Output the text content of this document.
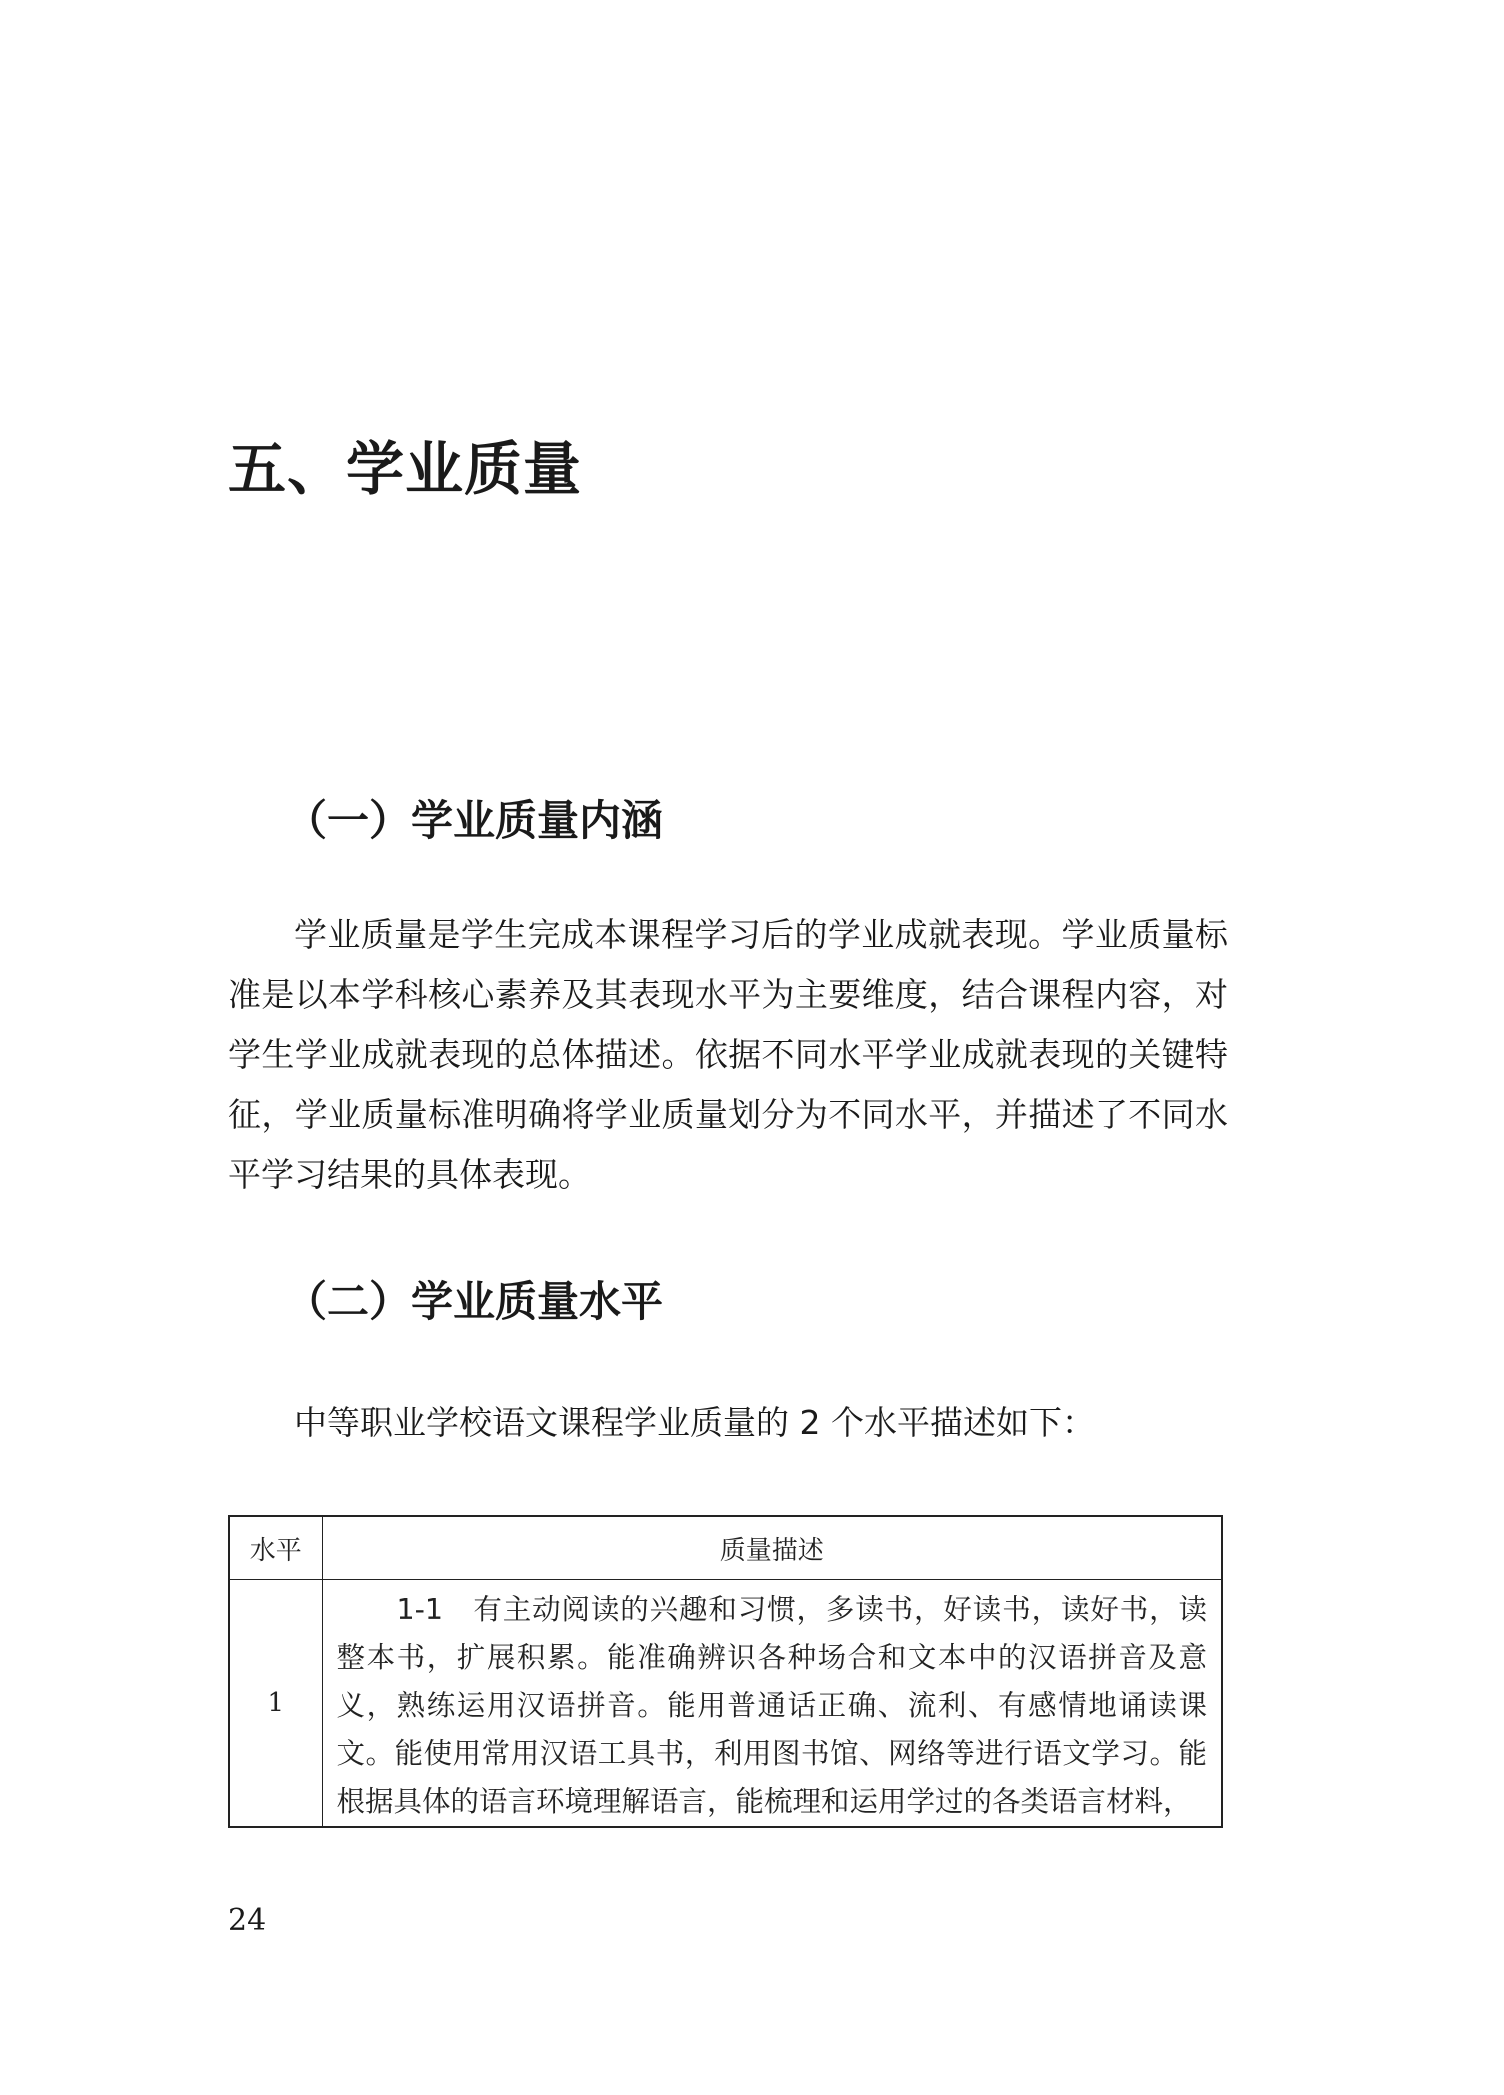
五、学业质量
（一）学业质量内涵

学业质量是学生完成本课程学习后的学业成就表现。学业质量标准是以本学科核心素养及其表现水平为主要维度，结合课程内容，对学生学业成就表现的总体描述。依据不同水平学业成就表现的关键特征，学业质量标准明确将学业质量划分为不同水平，并描述了不同水平学习结果的具体表现。

（二）学业质量水平

中等职业学校语文课程学业质量的 2 个水平描述如下：

水平	质量描述
1	1-1　有主动阅读的兴趣和习惯，多读书，好读书，读好书，读整本书，扩展积累。能准确辨识各种场合和文本中的汉语拼音及意义，熟练运用汉语拼音。能用普通话正确、流利、有感情地诵读课文。能使用常用汉语工具书，利用图书馆、网络等进行语文学习。能根据具体的语言环境理解语言，能梳理和运用学过的各类语言材料，

24
